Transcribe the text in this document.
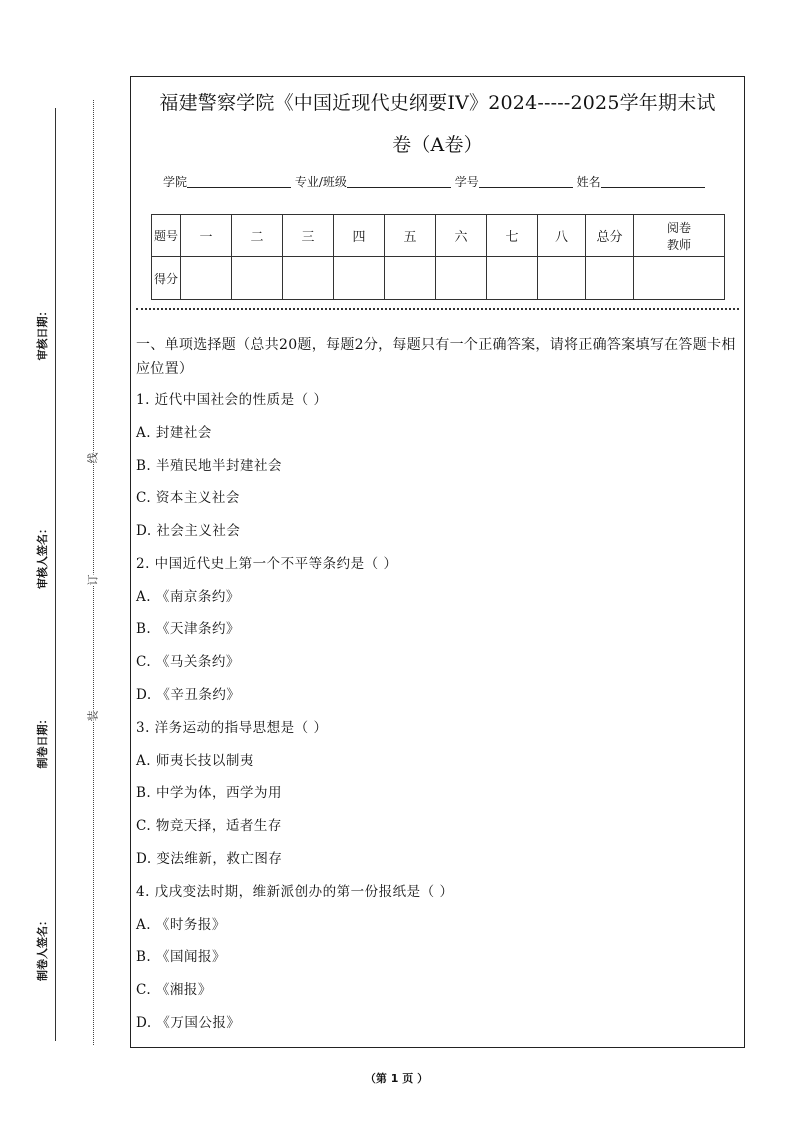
审核日期：
审核人签名：
制卷日期：
制卷人签名：
线
订
装
福建警察学院《中国近现代史纲要IV》2024-----2025学年期末试
卷（A卷）
学院	专业/班级	学号	姓名
题号	一	二	三	四	五	六	七	八	总分	阅卷教师
得分										
一、单项选择题（总共20题，每题2分，每题只有一个正确答案，请将正确答案填写在答题卡相应位置）
1. 近代中国社会的性质是（ ）
A. 封建社会
B. 半殖民地半封建社会
C. 资本主义社会
D. 社会主义社会
2. 中国近代史上第一个不平等条约是（ ）
A. 《南京条约》
B. 《天津条约》
C. 《马关条约》
D. 《辛丑条约》
3. 洋务运动的指导思想是（ ）
A. 师夷长技以制夷
B. 中学为体，西学为用
C. 物竞天择，适者生存
D. 变法维新，救亡图存
4. 戊戌变法时期，维新派创办的第一份报纸是（ ）
A. 《时务报》
B. 《国闻报》
C. 《湘报》
D. 《万国公报》
（第 1 页 ）
